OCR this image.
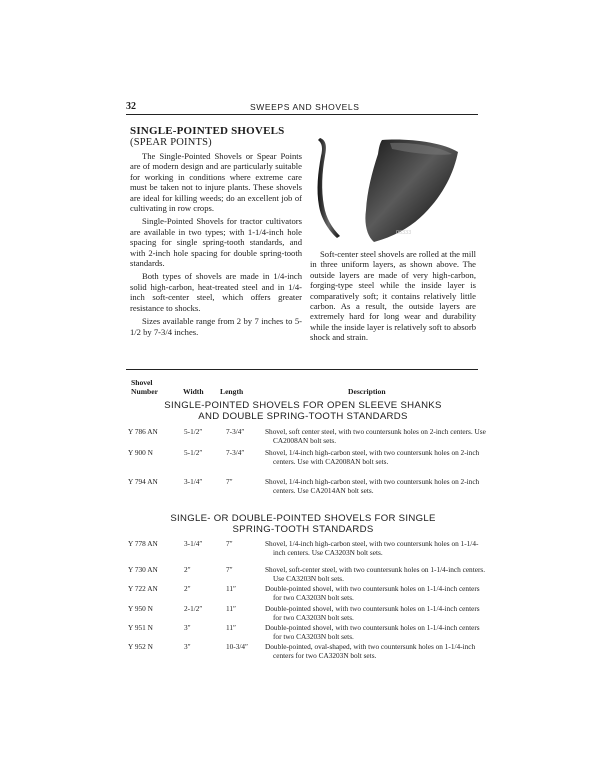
32	SWEEPS AND SHOVELS
SINGLE-POINTED SHOVELS
(SPEAR POINTS)

The Single-Pointed Shovels or Spear Points are of modern design and are particularly suitable for working in conditions where extreme care must be taken not to injure plants. These shovels are ideal for killing weeds; do an excellent job of cultivating in row crops.

Single-Pointed Shovels for tractor cultivators are available in two types; with 1-1/4-inch hole spacing for single spring-tooth standards, and with 2-inch hole spacing for double spring-tooth standards.

Both types of shovels are made in 1/4-inch solid high-carbon, heat-treated steel and in 1/4-inch soft-center steel, which offers greater resistance to shocks.

Sizes available range from 2 by 7 inches to 5-1/2 by 7-3/4 inches.

06333

Soft-center steel shovels are rolled at the mill in three uniform layers, as shown above. The outside layers are made of very high-carbon, forging-type steel while the inside layer is comparatively soft; it contains relatively little carbon. As a result, the outside layers are extremely hard for long wear and durability while the inside layer is relatively soft to absorb shock and strain.

Shovel
Number	Width Length	Description
SINGLE-POINTED SHOVELS FOR OPEN SLEEVE SHANKS
AND DOUBLE SPRING-TOOTH STANDARDS
Y 786 AN	5-1/2″	7-3/4″	Shovel, soft center steel, with two countersunk holes on 2-inch centers. Use CA2008AN bolt sets.
Y 900 N	5-1/2″	7-3/4″	Shovel, 1/4-inch high-carbon steel, with two countersunk holes on 2-inch centers. Use with CA2008AN bolt sets.
Y 794 AN	3-1/4″	7″	Shovel, 1/4-inch high-carbon steel, with two countersunk holes on 2-inch centers. Use CA2014AN bolt sets.
SINGLE- OR DOUBLE-POINTED SHOVELS FOR SINGLE
SPRING-TOOTH STANDARDS
Y 778 AN	3-1/4″	7″	Shovel, 1/4-inch high-carbon steel, with two countersunk holes on 1-1/4-inch centers. Use CA3203N bolt sets.
Y 730 AN	2″	7″	Shovel, soft-center steel, with two countersunk holes on 1-1/4-inch centers. Use CA3203N bolt sets.
Y 722 AN	2″	11″	Double-pointed shovel, with two countersunk holes on 1-1/4-inch centers for two CA3203N bolt sets.
Y 950 N	2-1/2″	11″	Double-pointed shovel, with two countersunk holes on 1-1/4-inch centers for two CA3203N bolt sets.
Y 951 N	3″	11″	Double-pointed shovel, with two countersunk holes on 1-1/4-inch centers for two CA3203N bolt sets.
Y 952 N	3″	10-3/4″ Double-pointed, oval-shaped, with two countersunk holes on 1-1/4-inch centers for two CA3203N bolt sets.
